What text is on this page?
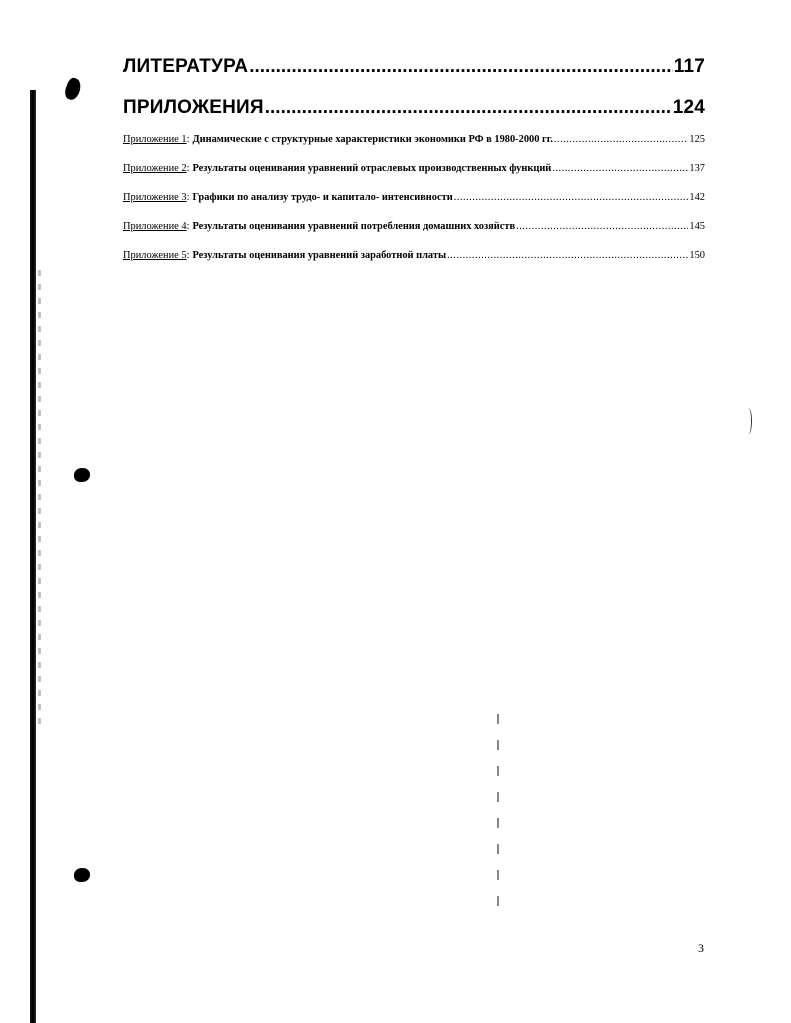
ЛИТЕРАТУРА .....	117
ПРИЛОЖЕНИЯ .....	124
Приложение 1 : Динамические с структурные характеристики экономики РФ в 1980-2000 гг. .....	125
Приложение 2 : Результаты оценивания уравнений отраслевых производственных функций .....	137
Приложение 3 : Графики по анализу трудо- и капитало- интенсивности .....	142
Приложение 4 : Результаты оценивания уравнений потребления домашних хозяйств .....	145
Приложение 5 : Результаты оценивания уравнений заработной платы .....	150
3
